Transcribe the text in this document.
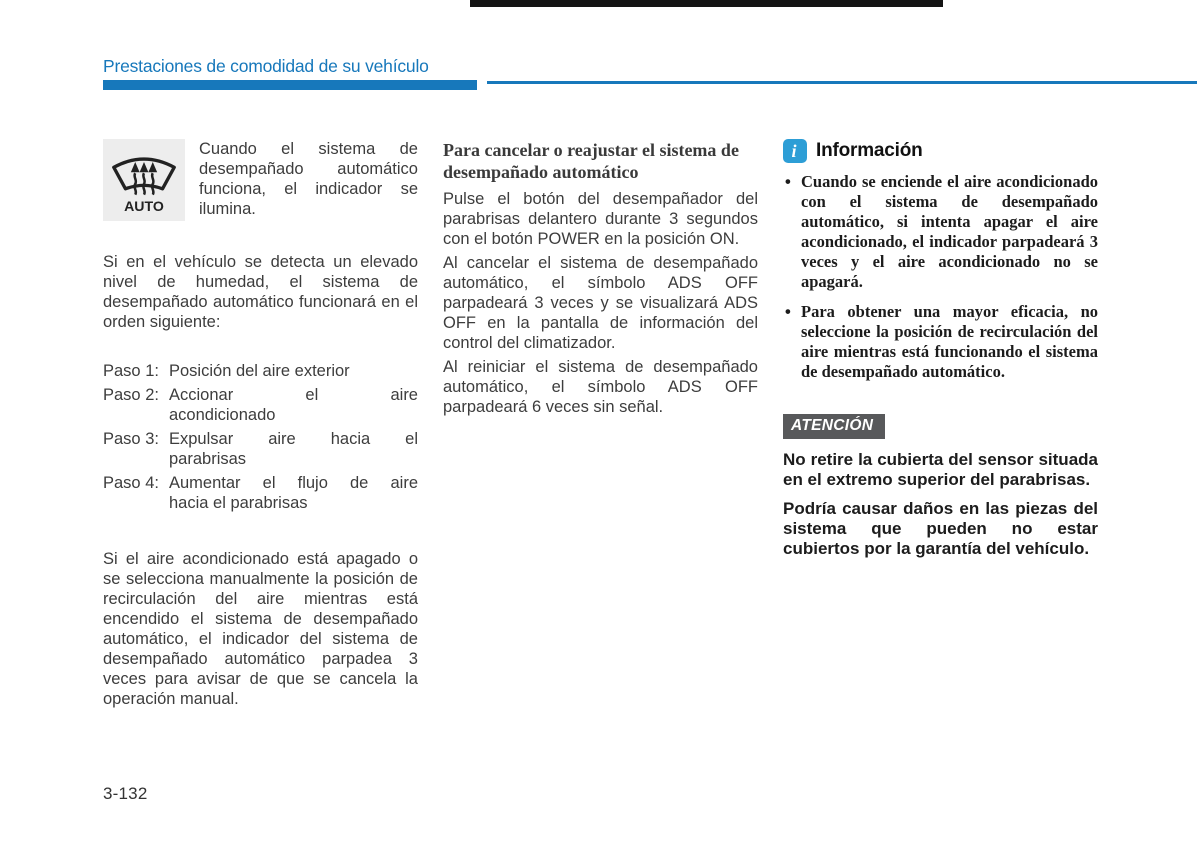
Prestaciones de comodidad de su vehículo
AUTO

Cuando el sistema de desempañado automático funciona, el indicador se ilumina.

Si en el vehículo se detecta un elevado nivel de humedad, el sistema de desempañado automático funcionará en el orden siguiente:

Paso 1: Posición del aire exterior
Paso 2: Accionar el aire
acondicionado
Paso 3: Expulsar aire hacia el
parabrisas
Paso 4: Aumentar el flujo de aire
hacia el parabrisas

Si el aire acondicionado está apagado o se selecciona manualmente la posición de recirculación del aire mientras está encendido el sistema de desempañado automático, el indicador del sistema de desempañado automático parpadea 3 veces para avisar de que se cancela la operación manual.

Para cancelar o reajustar el sistema de desempañado automático

Pulse el botón del desempañador del parabrisas delantero durante 3 segundos con el botón POWER en la posición ON.

Al cancelar el sistema de desempañado automático, el símbolo ADS OFF parpadeará 3 veces y se visualizará ADS OFF en la pantalla de información del control del climatizador.

Al reiniciar el sistema de desempañado automático, el símbolo ADS OFF parpadeará 6 veces sin señal.

i	Información
• Cuando se enciende el aire acondicionado con el sistema de desempañado automático, si intenta apagar el aire acondicionado, el indicador parpadeará 3 veces y el aire acondicionado no se apagará.
• Para obtener una mayor eficacia, no seleccione la posición de recirculación del aire mientras está funcionando el sistema de desempañado automático.
ATENCIÓN

No retire la cubierta del sensor situada en el extremo superior del parabrisas.

Podría causar daños en las piezas del sistema que pueden no estar cubiertos por la garantía del vehículo.

3-132
